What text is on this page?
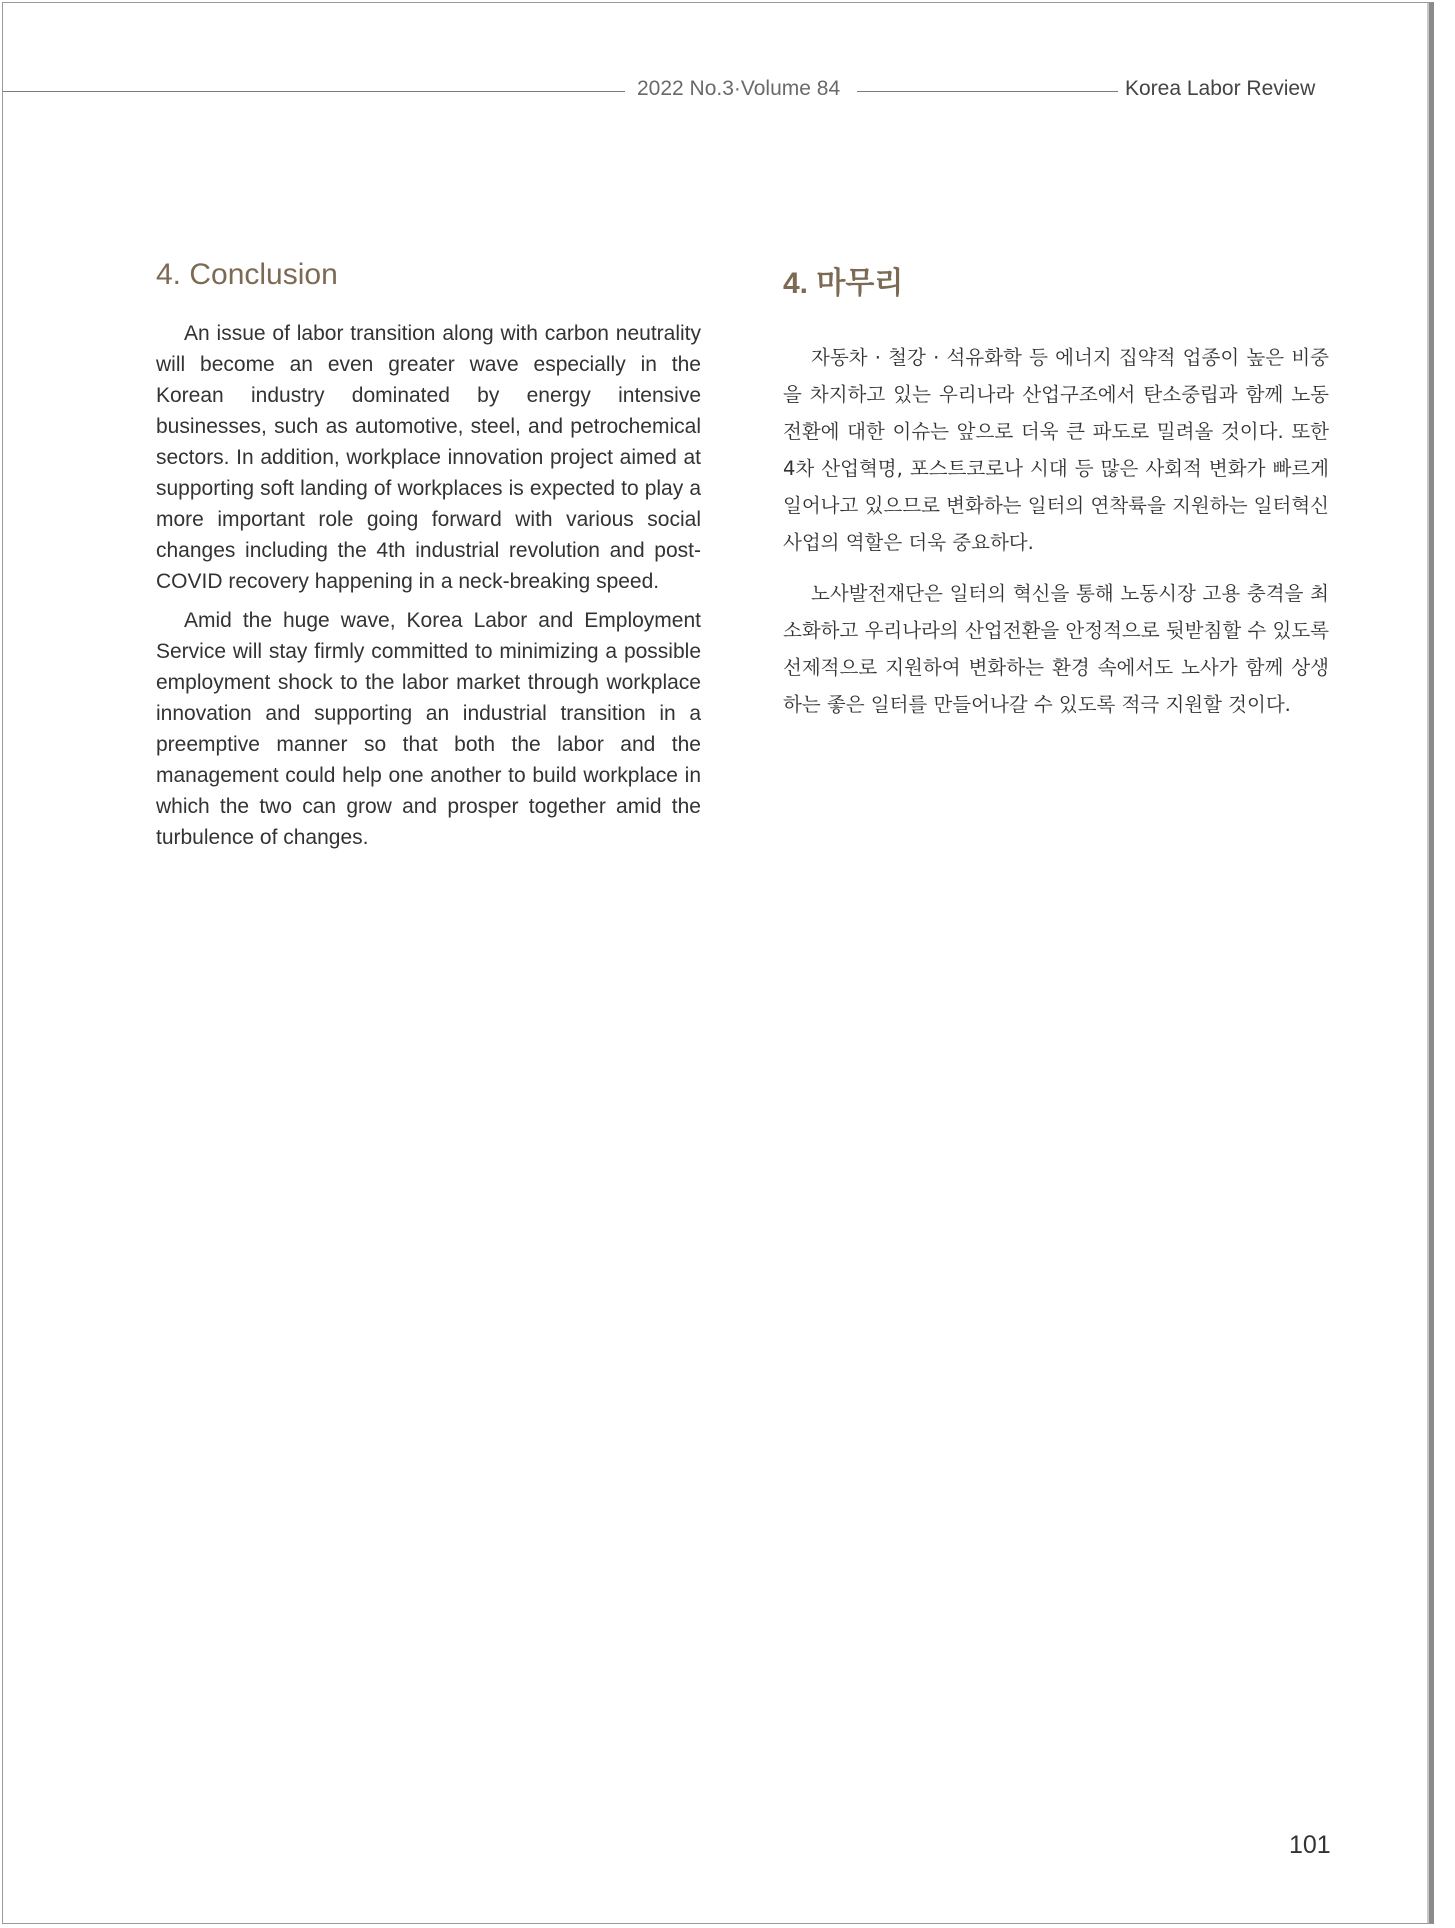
2022 No.3·Volume 84	Korea Labor Review
4. Conclusion

An issue of labor transition along with carbon neutrality will become an even greater wave especially in the Korean industry dominated by energy intensive businesses, such as automotive, steel, and petrochemical sectors. In addition, workplace innovation project aimed at supporting soft landing of workplaces is expected to play a more important role going forward with various social changes including the 4th industrial revolution and post-COVID recovery happening in a neck-breaking speed.

Amid the huge wave, Korea Labor and Employment Service will stay firmly committed to minimizing a possible employment shock to the labor market through workplace innovation and supporting an industrial transition in a preemptive manner so that both the labor and the management could help one another to build workplace in which the two can grow and prosper together amid the turbulence of changes.

4. 마무리

자동차 · 철강 · 석유화학 등 에너지 집약적 업종이 높은 비중을 차지하고 있는 우리나라 산업구조에서 탄소중립과 함께 노동전환에 대한 이슈는 앞으로 더욱 큰 파도로 밀려올 것이다. 또한 4차 산업혁명, 포스트코로나 시대 등 많은 사회적 변화가 빠르게 일어나고 있으므로 변화하는 일터의 연착륙을 지원하는 일터혁신사업의 역할은 더욱 중요하다.

노사발전재단은 일터의 혁신을 통해 노동시장 고용 충격을 최소화하고 우리나라의 산업전환을 안정적으로 뒷받침할 수 있도록 선제적으로 지원하여 변화하는 환경 속에서도 노사가 함께 상생하는 좋은 일터를 만들어나갈 수 있도록 적극 지원할 것이다.

101
